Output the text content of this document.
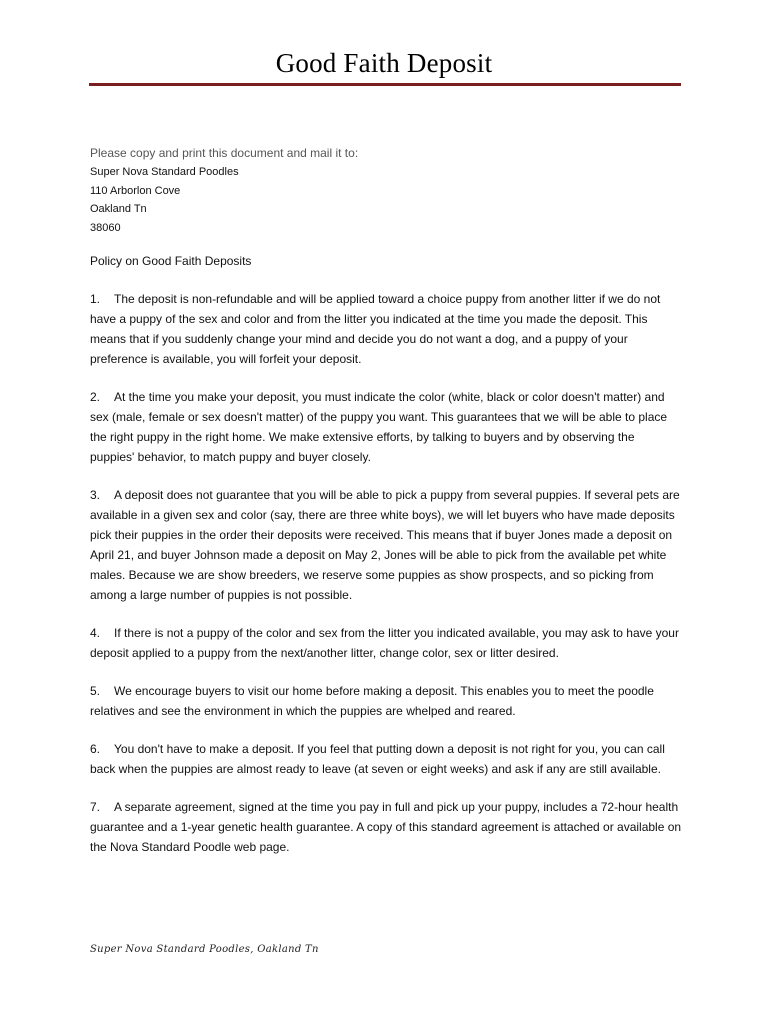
Good Faith Deposit

Please copy and print this document and mail it to:

Super Nova Standard Poodles
110 Arborlon Cove
Oakland Tn
38060

Policy on Good Faith Deposits

1. The deposit is non-refundable and will be applied toward a choice puppy from another litter if we do not have a puppy of the sex and color and from the litter you indicated at the time you made the deposit. This means that if you suddenly change your mind and decide you do not want a dog, and a puppy of your preference is available, you will forfeit your deposit.

2. At the time you make your deposit, you must indicate the color (white, black or color doesn't matter) and sex (male, female or sex doesn't matter) of the puppy you want. This guarantees that we will be able to place the right puppy in the right home. We make extensive efforts, by talking to buyers and by observing the puppies' behavior, to match puppy and buyer closely.

3. A deposit does not guarantee that you will be able to pick a puppy from several puppies. If several pets are available in a given sex and color (say, there are three white boys), we will let buyers who have made deposits pick their puppies in the order their deposits were received. This means that if buyer Jones made a deposit on April 21, and buyer Johnson made a deposit on May 2, Jones will be able to pick from the available pet white males. Because we are show breeders, we reserve some puppies as show prospects, and so picking from among a large number of puppies is not possible.

4. If there is not a puppy of the color and sex from the litter you indicated available, you may ask to have your deposit applied to a puppy from the next/another litter, change color, sex or litter desired.

5. We encourage buyers to visit our home before making a deposit. This enables you to meet the poodle relatives and see the environment in which the puppies are whelped and reared.

6. You don't have to make a deposit. If you feel that putting down a deposit is not right for you, you can call back when the puppies are almost ready to leave (at seven or eight weeks) and ask if any are still available.

7. A separate agreement, signed at the time you pay in full and pick up your puppy, includes a 72-hour health guarantee and a 1-year genetic health guarantee. A copy of this standard agreement is attached or available on the Nova Standard Poodle web page.

Super Nova Standard Poodles, Oakland Tn
